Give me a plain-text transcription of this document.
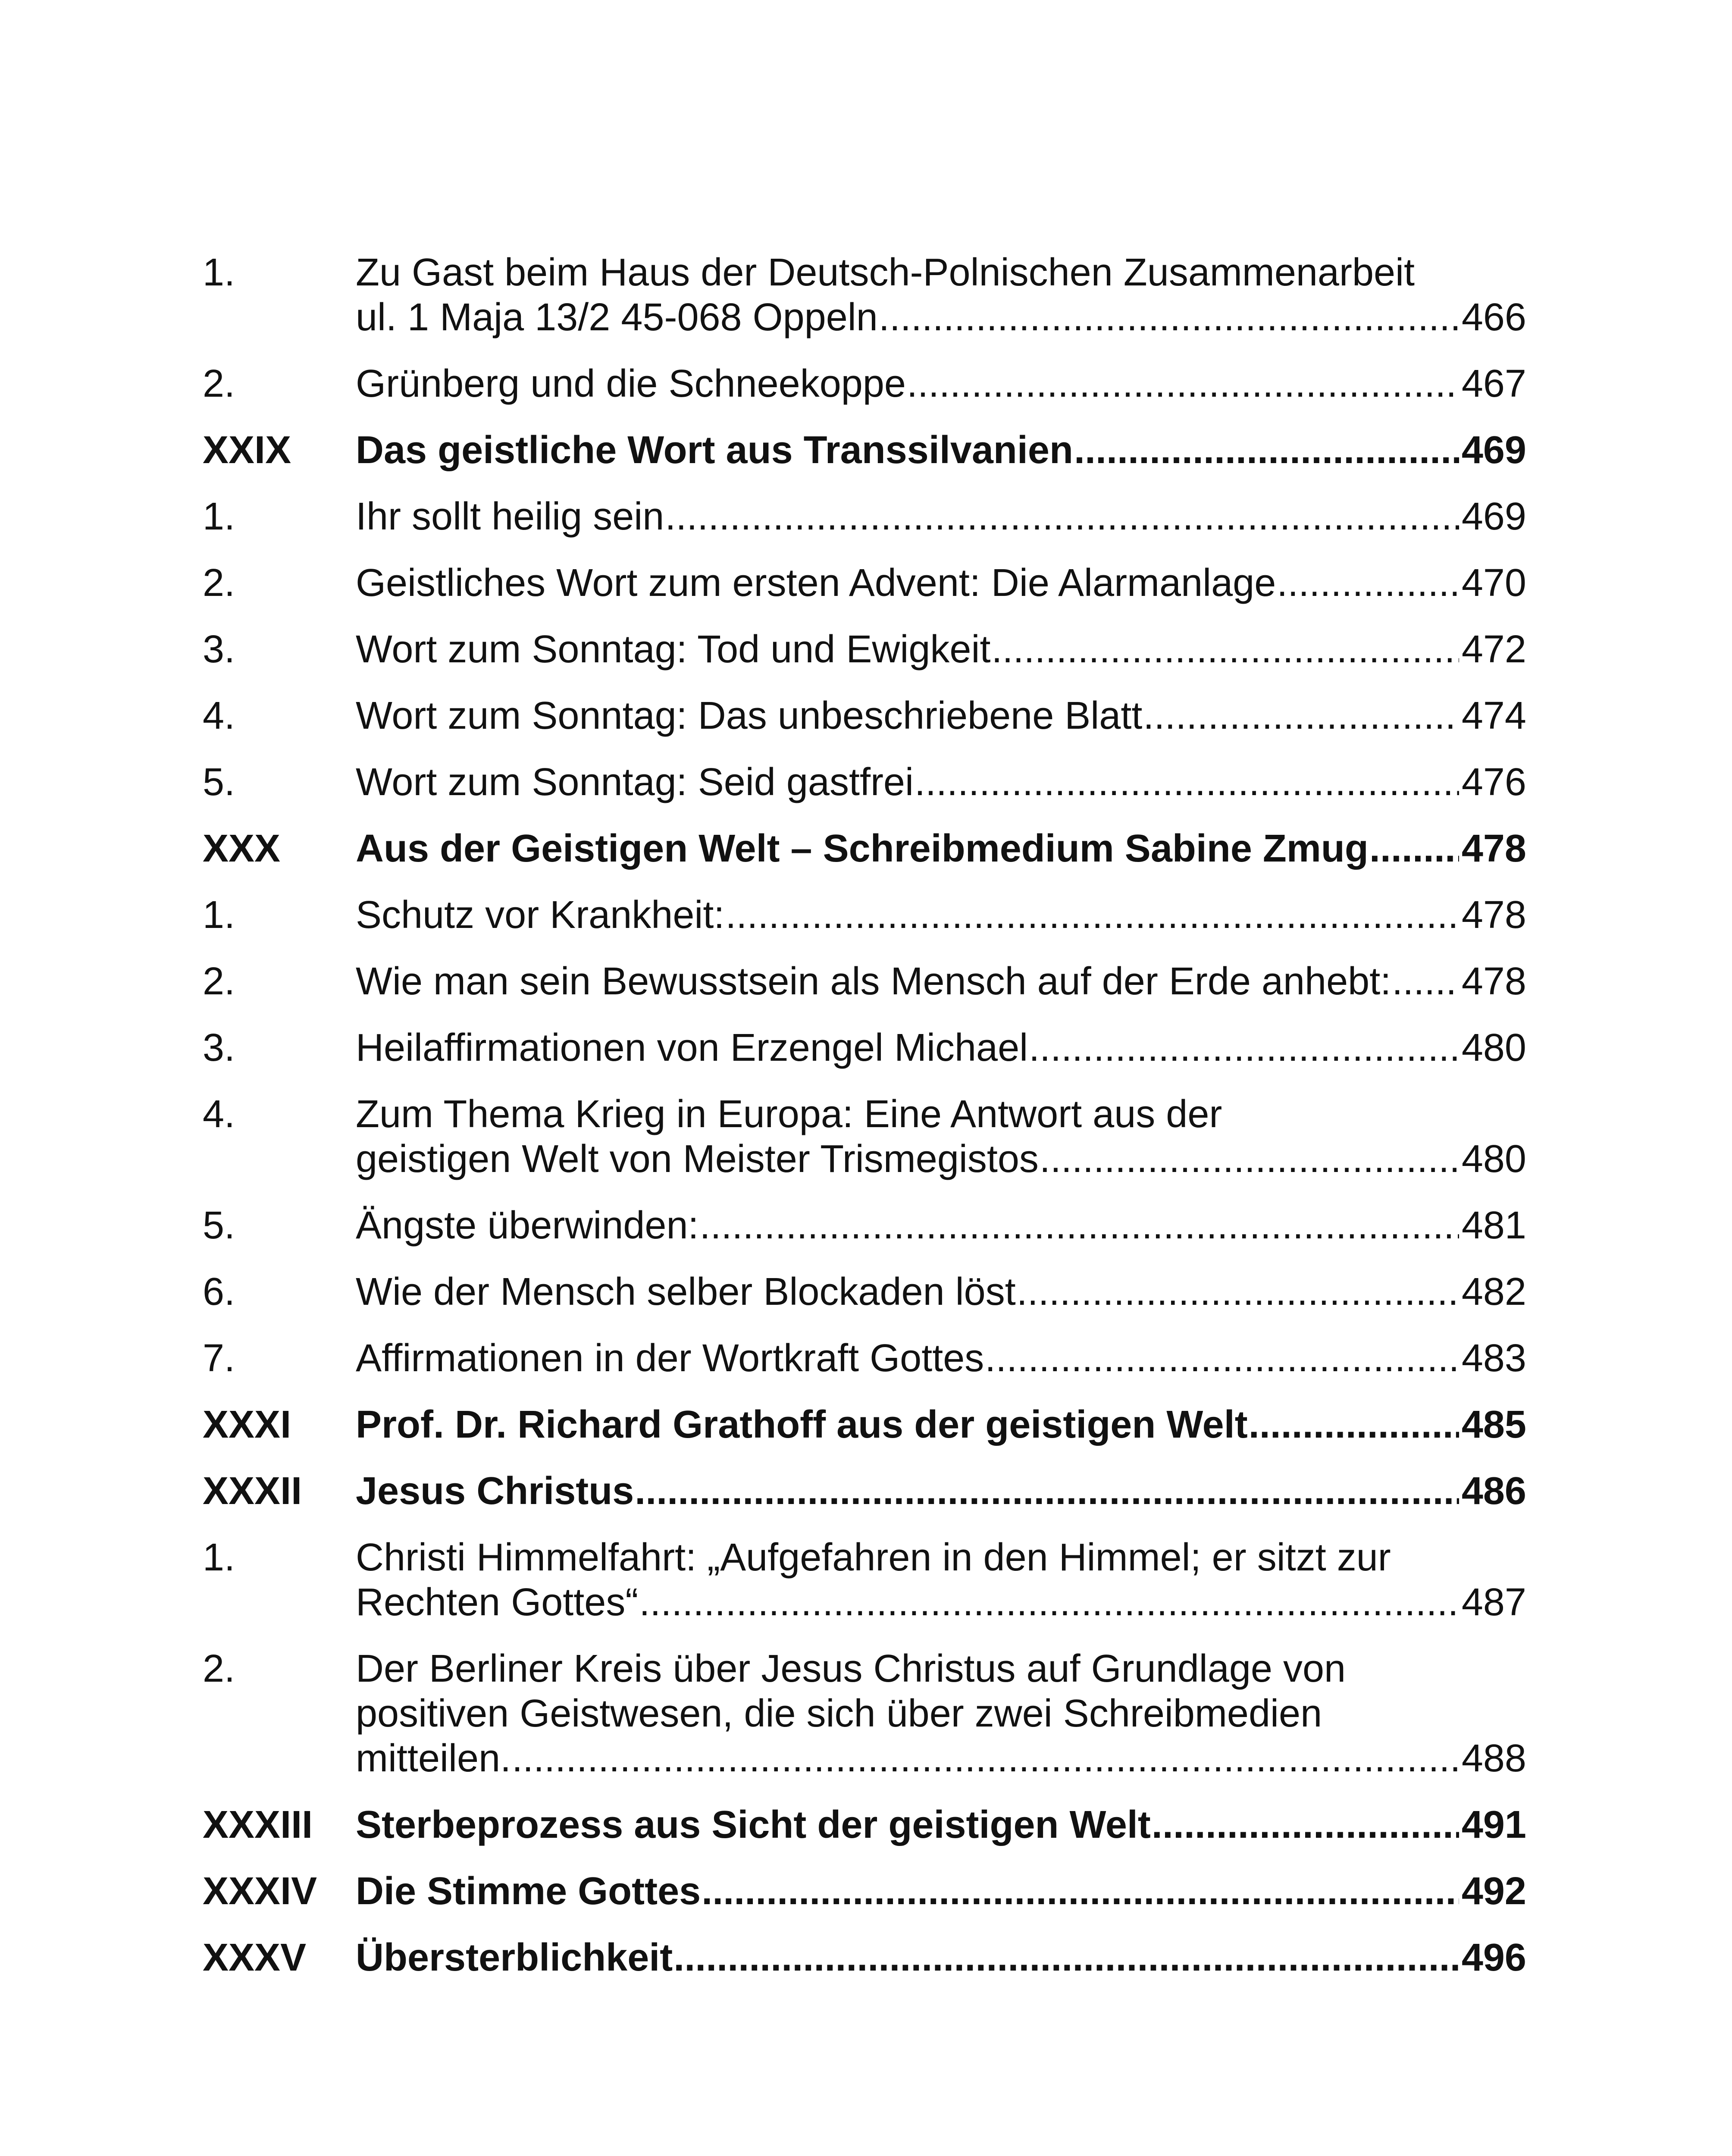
1.	Zu Gast beim Haus der Deutsch-Polnischen Zusammenarbeit
ul. 1 Maja 13/2 45-068 Oppeln .....	466
2.	Grünberg und die Schneekoppe .....	467
XXIX	Das geistliche Wort aus Transsilvanien .....	469
1.	Ihr sollt heilig sein .....	469
2.	Geistliches Wort zum ersten Advent: Die Alarmanlage .....	470
3.	Wort zum Sonntag: Tod und Ewigkeit .....	472
4.	Wort zum Sonntag: Das unbeschriebene Blatt .....	474
5.	Wort zum Sonntag: Seid gastfrei .....	476
XXX	Aus der Geistigen Welt – Schreibmedium Sabine Zmug ..... 478
1.	Schutz vor Krankheit: .....	478
2.	Wie man sein Bewusstsein als Mensch auf der Erde anhebt: ..... 478
3.	Heilaffirmationen von Erzengel Michael .....	480
4.	Zum Thema Krieg in Europa: Eine Antwort aus der
geistigen Welt von Meister Trismegistos .....	480
5.	Ängste überwinden: .....	481
6.	Wie der Mensch selber Blockaden löst .....	482
7.	Affirmationen in der Wortkraft Gottes .....	483
XXXI	Prof. Dr. Richard Grathoff aus der geistigen Welt .....	485
XXXII	Jesus Christus .....	486
1.	Christi Himmelfahrt: „Aufgefahren in den Himmel; er sitzt zur
Rechten Gottes“ .....	487
2.	Der Berliner Kreis über Jesus Christus auf Grundlage von
positiven Geistwesen, die sich über zwei Schreibmedien
mitteilen. .....	488
XXXIII	Sterbeprozess aus Sicht der geistigen Welt .....	491
XXXIV Die Stimme Gottes .....	492
XXXV	Übersterblichkeit .....	496
